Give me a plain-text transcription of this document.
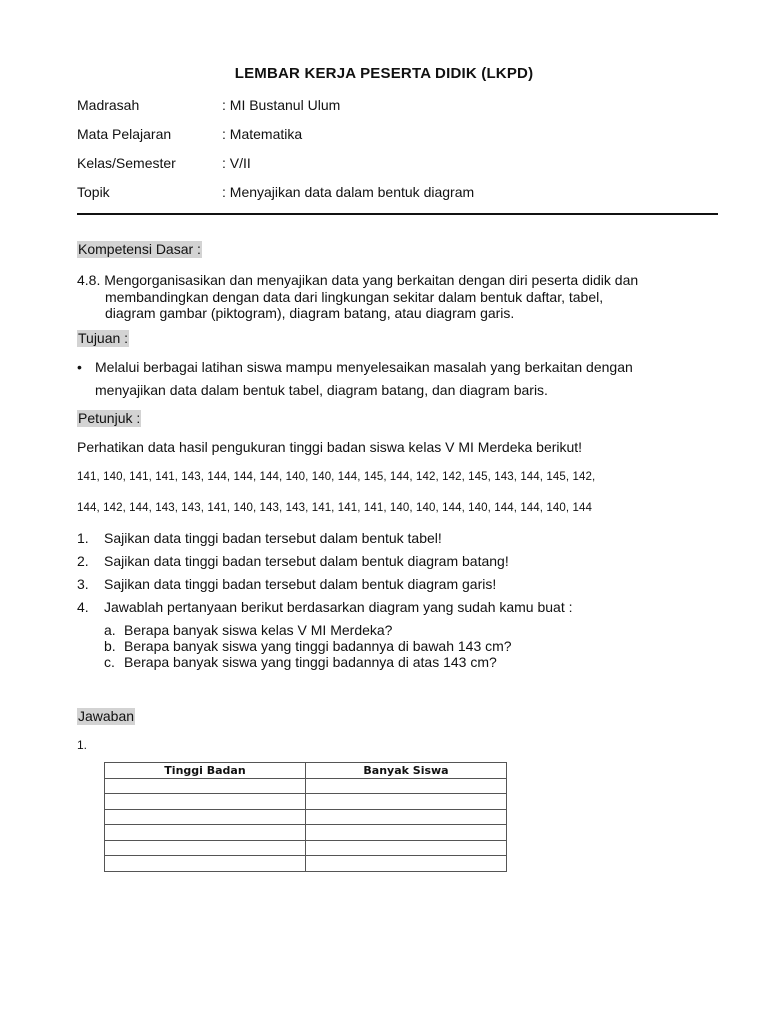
LEMBAR KERJA PESERTA DIDIK (LKPD)
Madrasah	: MI Bustanul Ulum
Mata Pelajaran	: Matematika
Kelas/Semester	: V/II
Topik	: Menyajikan data dalam bentuk diagram
Kompetensi Dasar :
4.8. Mengorganisasikan dan menyajikan data yang berkaitan dengan diri peserta didik dan
membandingkan dengan data dari lingkungan sekitar dalam bentuk daftar, tabel,
diagram gambar (piktogram), diagram batang, atau diagram garis.
Tujuan :
• Melalui berbagai latihan siswa mampu menyelesaikan masalah yang berkaitan dengan
menyajikan data dalam bentuk tabel, diagram batang, dan diagram baris.
Petunjuk :
Perhatikan data hasil pengukuran tinggi badan siswa kelas V MI Merdeka berikut!
141, 140, 141, 141, 143, 144, 144, 144, 140, 140, 144, 145, 144, 142, 142, 145, 143, 144, 145, 142,
144, 142, 144, 143, 143, 141, 140, 143, 143, 141, 141, 141, 140, 140, 144, 140, 144, 144, 140, 144
1. Sajikan data tinggi badan tersebut dalam bentuk tabel!
2. Sajikan data tinggi badan tersebut dalam bentuk diagram batang!
3. Sajikan data tinggi badan tersebut dalam bentuk diagram garis!
4. Jawablah pertanyaan berikut berdasarkan diagram yang sudah kamu buat :
a. Berapa banyak siswa kelas V MI Merdeka?
b. Berapa banyak siswa yang tinggi badannya di bawah 143 cm?
c. Berapa banyak siswa yang tinggi badannya di atas 143 cm?
Jawaban
1.
Tinggi Badan	Banyak Siswa
